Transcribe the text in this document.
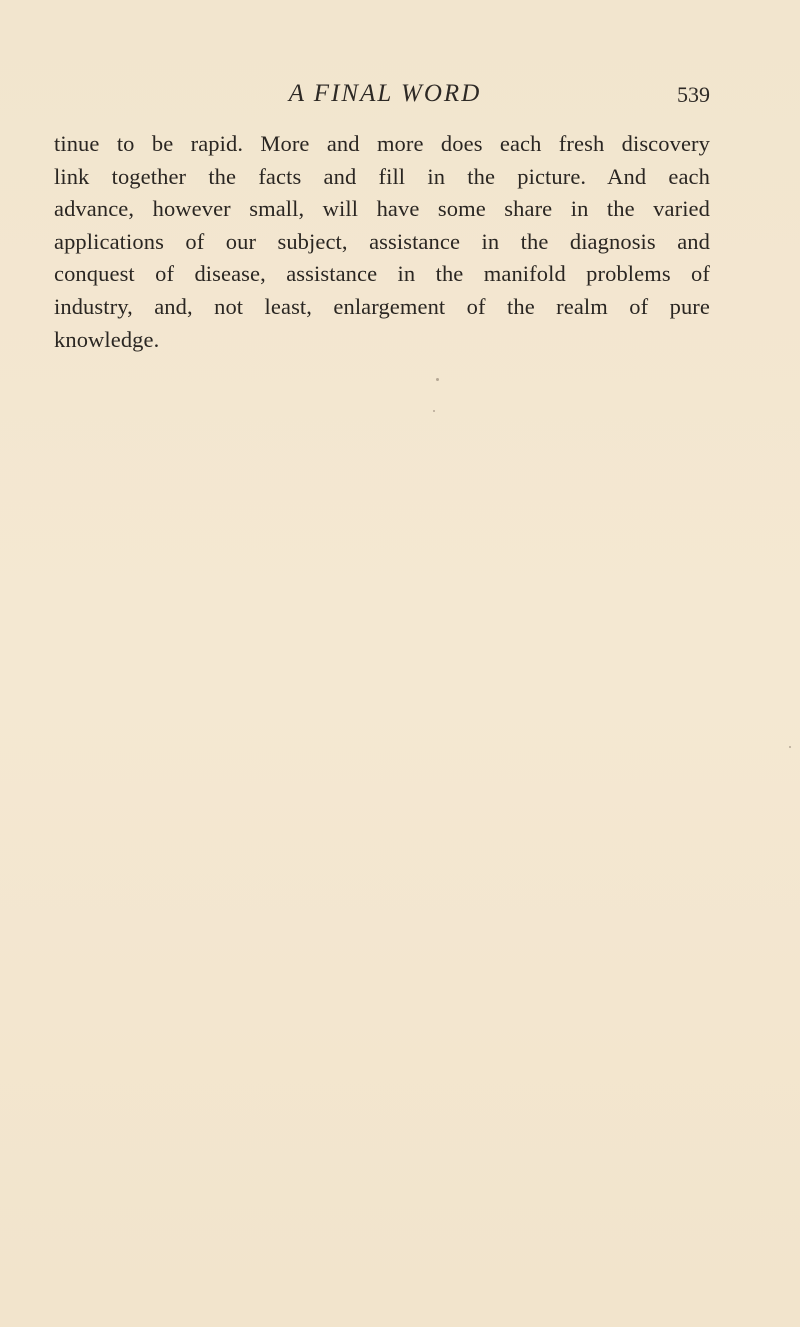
A FINAL WORD	539

tinue to be rapid. More and more does each fresh discovery
link together the facts and fill in the picture. And each
advance, however small, will have some share in the varied
applications of our subject, assistance in the diagnosis and
conquest of disease, assistance in the manifold problems of
industry, and, not least, enlargement of the realm of pure
knowledge.
